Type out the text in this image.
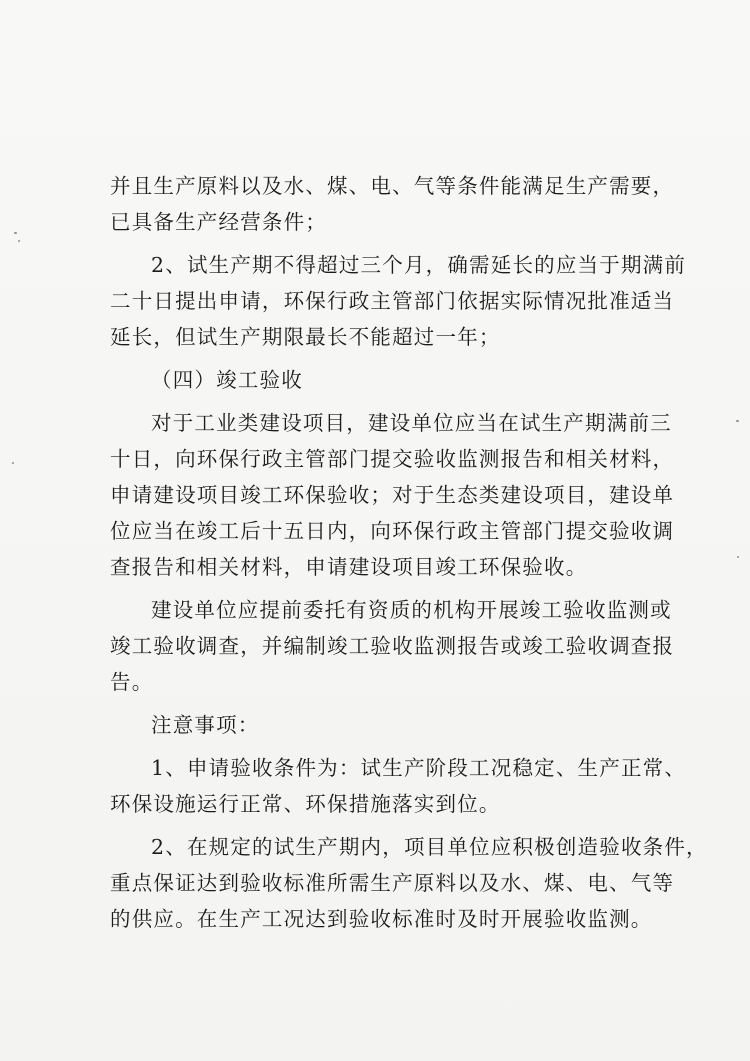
并且生产原料以及水、煤、电、气等条件能满足生产需要，
已具备生产经营条件；
2、试生产期不得超过三个月，确需延长的应当于期满前
二十日提出申请，环保行政主管部门依据实际情况批准适当
延长，但试生产期限最长不能超过一年；
（四）竣工验收
对于工业类建设项目，建设单位应当在试生产期满前三
十日，向环保行政主管部门提交验收监测报告和相关材料，
申请建设项目竣工环保验收；对于生态类建设项目，建设单
位应当在竣工后十五日内，向环保行政主管部门提交验收调
查报告和相关材料，申请建设项目竣工环保验收。
建设单位应提前委托有资质的机构开展竣工验收监测或
竣工验收调查，并编制竣工验收监测报告或竣工验收调查报
告。
注意事项：
1、申请验收条件为：试生产阶段工况稳定、生产正常、
环保设施运行正常、环保措施落实到位。
2、在规定的试生产期内，项目单位应积极创造验收条件，
重点保证达到验收标准所需生产原料以及水、煤、电、气等
的供应。在生产工况达到验收标准时及时开展验收监测。
